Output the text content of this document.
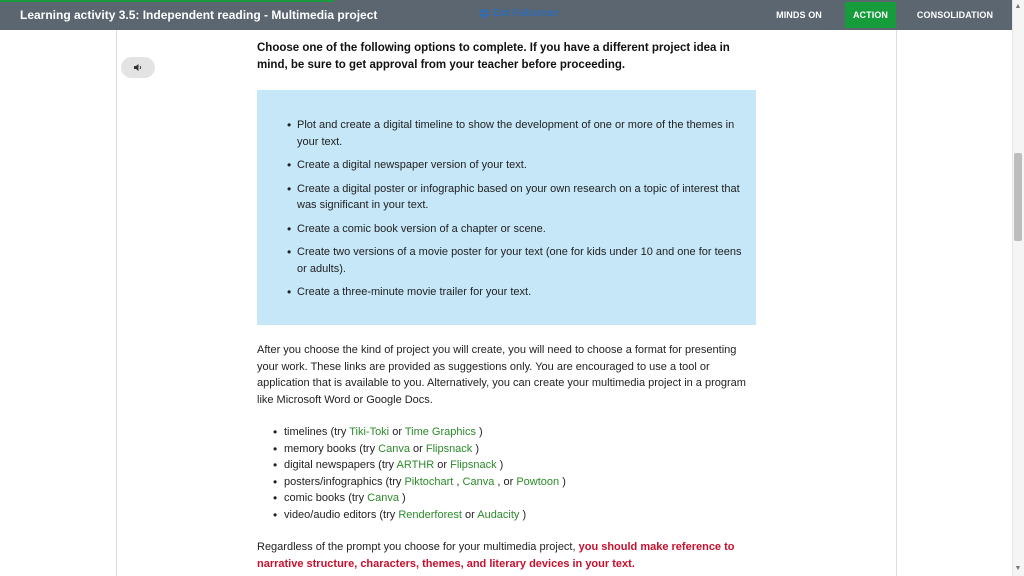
Learning activity 3.5: Independent reading - Multimedia project	Exit Fullscreen	MINDS ON	ACTION	CONSOLIDATION
▲
▼
Choose one of the following options to complete. If you have a different project idea in mind, be sure to get approval from your teacher before proceeding.
• Plot and create a digital timeline to show the development of one or more of the themes in your text.
• Create a digital newspaper version of your text.
• Create a digital poster or infographic based on your own research on a topic of interest that was significant in your text.
• Create a comic book version of a chapter or scene.
• Create two versions of a movie poster for your text (one for kids under 10 and one for teens or adults).
• Create a three-minute movie trailer for your text.
After you choose the kind of project you will create, you will need to choose a format for presenting your work. These links are provided as suggestions only. You are encouraged to use a tool or application that is available to you. Alternatively, you can create your multimedia project in a program like Microsoft Word or Google Docs.
• timelines (try Tiki-Toki or Time Graphics )
• memory books (try Canva or Flipsnack )
• digital newspapers (try ARTHR or Flipsnack )
• posters/infographics (try Piktochart , Canva , or Powtoon )
• comic books (try Canva )
• video/audio editors (try Renderforest or Audacity )
Regardless of the prompt you choose for your multimedia project, you should make reference to narrative structure, characters, themes, and literary devices in your text.
